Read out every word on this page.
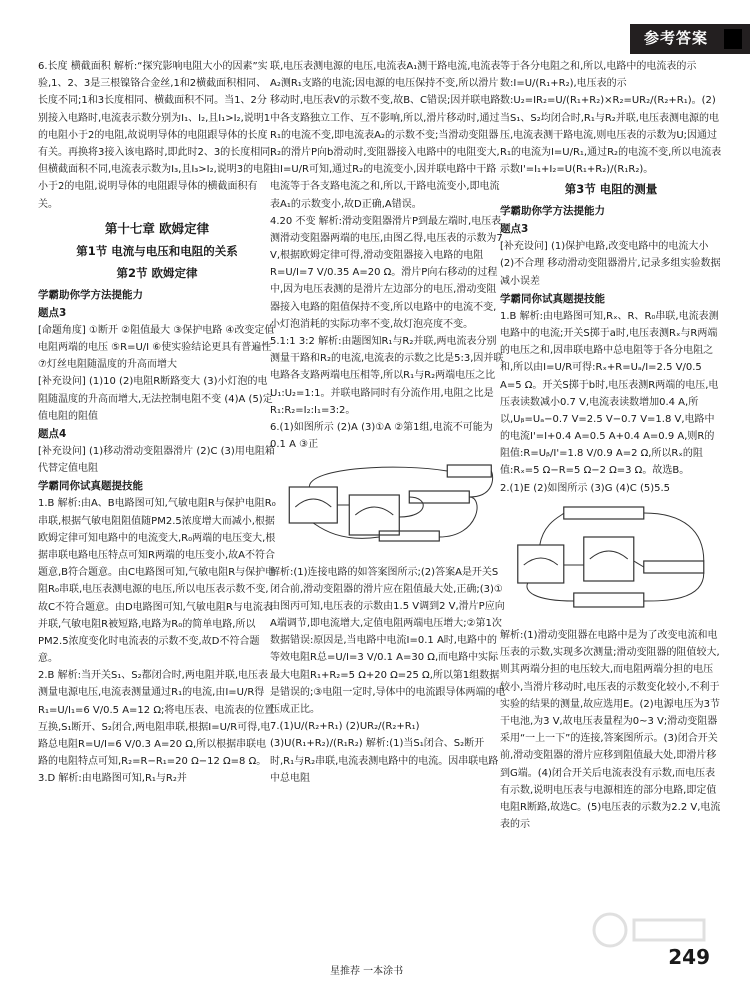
参考答案

6.长度 横截面积 解析:“探究影响电阻大小的因素”实验,1、2、3是三根镍铬合金丝,1和2横截面积相同、长度不同;1和3长度相同、横截面积不同。当1、2分别接入电路时,电流表示数分别为I₁、I₂,且I₁>I₂,说明1的电阻小于2的电阻,故说明导体的电阻跟导体的长度有关。再换将3接入该电路时,即此时2、3的长度相同,但横截面积不同,电流表示数为I₃,且I₃>I₂,说明3的电阻小于2的电阻,说明导体的电阻跟导体的横截面积有关。

第十七章 欧姆定律

第1节 电流与电压和电阻的关系

第2节 欧姆定律

学霸助你学方法提能力

题点3

[命题角度] ①断开 ②阻值最大 ③保护电路 ④改变定值电阻两端的电压 ⑤R=U/I ⑥使实验结论更具有普遍性 ⑦灯丝电阻随温度的升高而增大

[补充设问] (1)10 (2)电阻R断路变大 (3)小灯泡的电阻随温度的升高而增大,无法控制电阻不变 (4)A (5)定值电阻的阻值

题点4

[补充设问] (1)移动滑动变阻器滑片 (2)C (3)用电阻箱代替定值电阻

学霸同你试真题提技能

1.B 解析:由A、B电路图可知,气敏电阻R与保护电阻R₀串联,根据气敏电阻阻值随PM2.5浓度增大而减小,根据欧姆定律可知电路中的电流变大,R₀两端的电压变大,根据串联电路电压特点可知R两端的电压变小,故A不符合题意,B符合题意。由C电路图可知,气敏电阻R与保护电阻R₀串联,电压表测电源的电压,所以电压表示数不变,故C不符合题意。由D电路图可知,气敏电阻R与电流表并联,气敏电阻R被短路,电路为R₀的简单电路,所以PM2.5浓度变化时电流表的示数不变,故D不符合题意。

2.B 解析:当开关S₁、S₂都闭合时,两电阻并联,电压表测量电源电压,电流表测量通过R₁的电流,由I=U/R得R₁=U/I₁=6 V/0.5 A=12 Ω;将电压表、电流表的位置互换,S₁断开、S₂闭合,两电阻串联,根据I=U/R可得,电路总电阻R=U/I=6 V/0.3 A=20 Ω,所以根据串联电路的电阻特点可知,R₂=R−R₁=20 Ω−12 Ω=8 Ω。

3.D 解析:由电路图可知,R₁与R₂并

联,电压表测电源的电压,电流表A₁测干路电流,电流表A₂测R₁支路的电流;因电源的电压保持不变,所以滑片移动时,电压表V的示数不变,故B、C错误;因并联电路中各支路独立工作、互不影响,所以,滑片移动时,通过R₁的电流不变,即电流表A₂的示数不变;当滑动变阻器R₂的滑片P向b滑动时,变阻器接入电路中的电阻变大,由I=U/R可知,通过R₂的电流变小,因并联电路中干路电流等于各支路电流之和,所以,干路电流变小,即电流表A₁的示数变小,故D正确,A错误。

4.20 不变 解析:滑动变阻器滑片P到最左端时,电压表测滑动变阻器两端的电压,由图乙得,电压表的示数为7 V,根据欧姆定律可得,滑动变阻器接入电路的电阻R=U/I=7 V/0.35 A=20 Ω。滑片P向右移动的过程中,因为电压表测的是滑片左边部分的电压,滑动变阻器接入电路的阻值保持不变,所以电路中的电流不变,小灯泡消耗的实际功率不变,故灯泡亮度不变。

5.1:1 3:2 解析:由题图知R₁与R₂并联,两电流表分别测量干路和R₂的电流,电流表的示数之比是5:3,因并联电路各支路两端电压相等,所以R₁与R₂两端电压之比U₁:U₂=1:1。并联电路同时有分流作用,电阻之比是R₁:R₂=I₂:I₁=3:2。

6.(1)如图所示 (2)A (3)①A ②第1组,电流不可能为0.1 A ③正

解析:(1)连接电路的如答案图所示;(2)答案A是开关S闭合前,滑动变阻器的滑片应在阻值最大处,正确;(3)①由图丙可知,电压表的示数由1.5 V调到2 V,滑片P应向A端调节,即电流增大,定值电阻两端电压增大;②第1次数据错误:原因是,当电路中电流I=0.1 A时,电路中的等效电阻R总=U/I=3 V/0.1 A=30 Ω,而电路中实际最大电阻R₁+R₂=5 Ω+20 Ω=25 Ω,所以第1组数据是错误的;③电阻一定时,导体中的电流跟导体两端的电压成正比。

7.(1)U/(R₂+R₁) (2)UR₂/(R₂+R₁) (3)U(R₁+R₂)/(R₁R₂) 解析:(1)当S₁闭合、S₂断开时,R₁与R₂串联,电流表测电路中的电流。因串联电路中总电阻

等于各分电阻之和,所以,电路中的电流表的示数:I=U/(R₁+R₂),电压表的示数:U₂=IR₂=U/(R₁+R₂)×R₂=UR₂/(R₂+R₁)。(2)当S₁、S₂均闭合时,R₁与R₂并联,电压表测电源的电压,电流表测干路电流,则电压表的示数为U;因通过R₁的电流为I=U/R₁,通过R₂的电流不变,所以电流表示数I'=I₁+I₂=U(R₁+R₂)/(R₁R₂)。

第3节 电阻的测量

学霸助你学方法提能力

题点3

[补充设问] (1)保护电路,改变电路中的电流大小 (2)不合理 移动滑动变阻器滑片,记录多组实验数据 减小误差

学霸同你试真题提技能

1.B 解析:由电路图可知,Rₓ、R、R₀串联,电流表测电路中的电流;开关S掷于a时,电压表测Rₓ与R两端的电压之和,因串联电路中总电阻等于各分电阻之和,所以由I=U/R可得:Rₓ+R=Uₐ/I=2.5 V/0.5 A=5 Ω。开关S掷于b时,电压表测R两端的电压,电压表读数减小0.7 V,电流表读数增加0.4 A,所以,Uᵦ=Uₐ−0.7 V=2.5 V−0.7 V=1.8 V,电路中的电流I'=I+0.4 A=0.5 A+0.4 A=0.9 A,则R的阻值:R=Uᵦ/I'=1.8 V/0.9 A=2 Ω,所以Rₓ的阻值:Rₓ=5 Ω−R=5 Ω−2 Ω=3 Ω。故选B。

2.(1)E (2)如图所示 (3)G (4)C (5)5.5

解析:(1)滑动变阻器在电路中是为了改变电流和电压表的示数,实现多次测量;滑动变阻器的阻值较大,则其两端分担的电压较大,而电阻两端分担的电压较小,当滑片移动时,电压表的示数变化较小,不利于实验的结果的测量,故应选用E。(2)电源电压为3节干电池,为3 V,故电压表量程为0~3 V;滑动变阻器采用“一上一下”的连接,答案图所示。(3)闭合开关前,滑动变阻器的滑片应移到阻值最大处,即滑片移到G端。(4)闭合开关后电流表没有示数,而电压表有示数,说明电压表与电源相连的部分电路,即定值电阻R断路,故选C。(5)电压表的示数为2.2 V,电流表的示

星推荐 一本涂书
249
